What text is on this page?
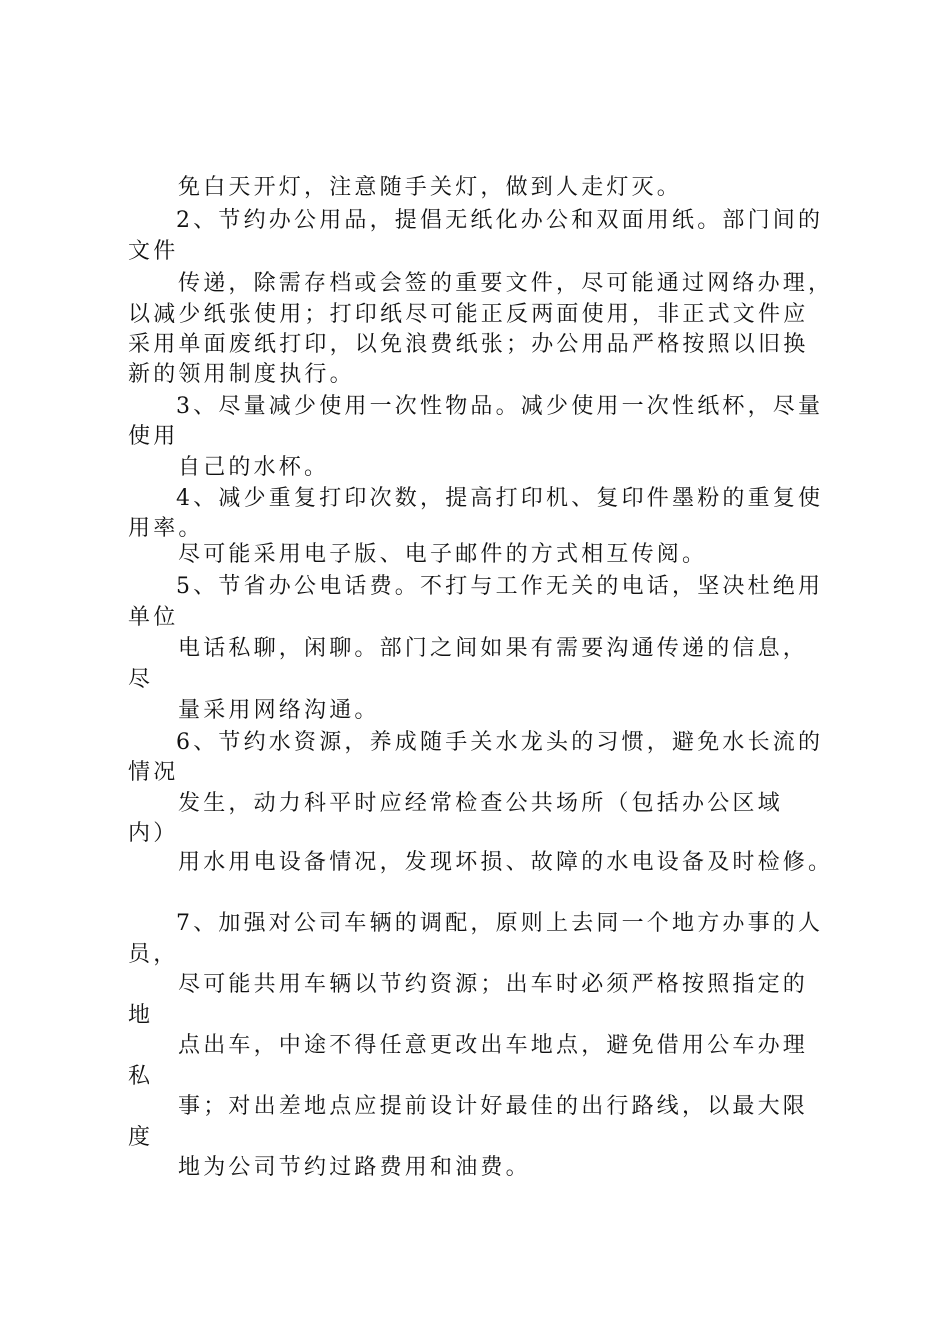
免白天开灯，注意随手关灯，做到人走灯灭。
2、节约办公用品，提倡无纸化办公和双面用纸。部门间的
文件
传递，除需存档或会签的重要文件，尽可能通过网络办理，
以减少纸张使用；打印纸尽可能正反两面使用，非正式文件应
采用单面废纸打印，以免浪费纸张；办公用品严格按照以旧换
新的领用制度执行。
3、尽量减少使用一次性物品。减少使用一次性纸杯，尽量
使用
自己的水杯。
4、减少重复打印次数，提高打印机、复印件墨粉的重复使
用率。
尽可能采用电子版、电子邮件的方式相互传阅。
5、节省办公电话费。不打与工作无关的电话，坚决杜绝用
单位
电话私聊，闲聊。部门之间如果有需要沟通传递的信息，
尽
量采用网络沟通。
6、节约水资源，养成随手关水龙头的习惯，避免水长流的
情况
发生，动力科平时应经常检查公共场所（包括办公区域
内）
用水用电设备情况，发现坏损、故障的水电设备及时检修。
7、加强对公司车辆的调配，原则上去同一个地方办事的人
员，
尽可能共用车辆以节约资源；出车时必须严格按照指定的
地
点出车，中途不得任意更改出车地点，避免借用公车办理
私
事；对出差地点应提前设计好最佳的出行路线，以最大限
度
地为公司节约过路费用和油费。
